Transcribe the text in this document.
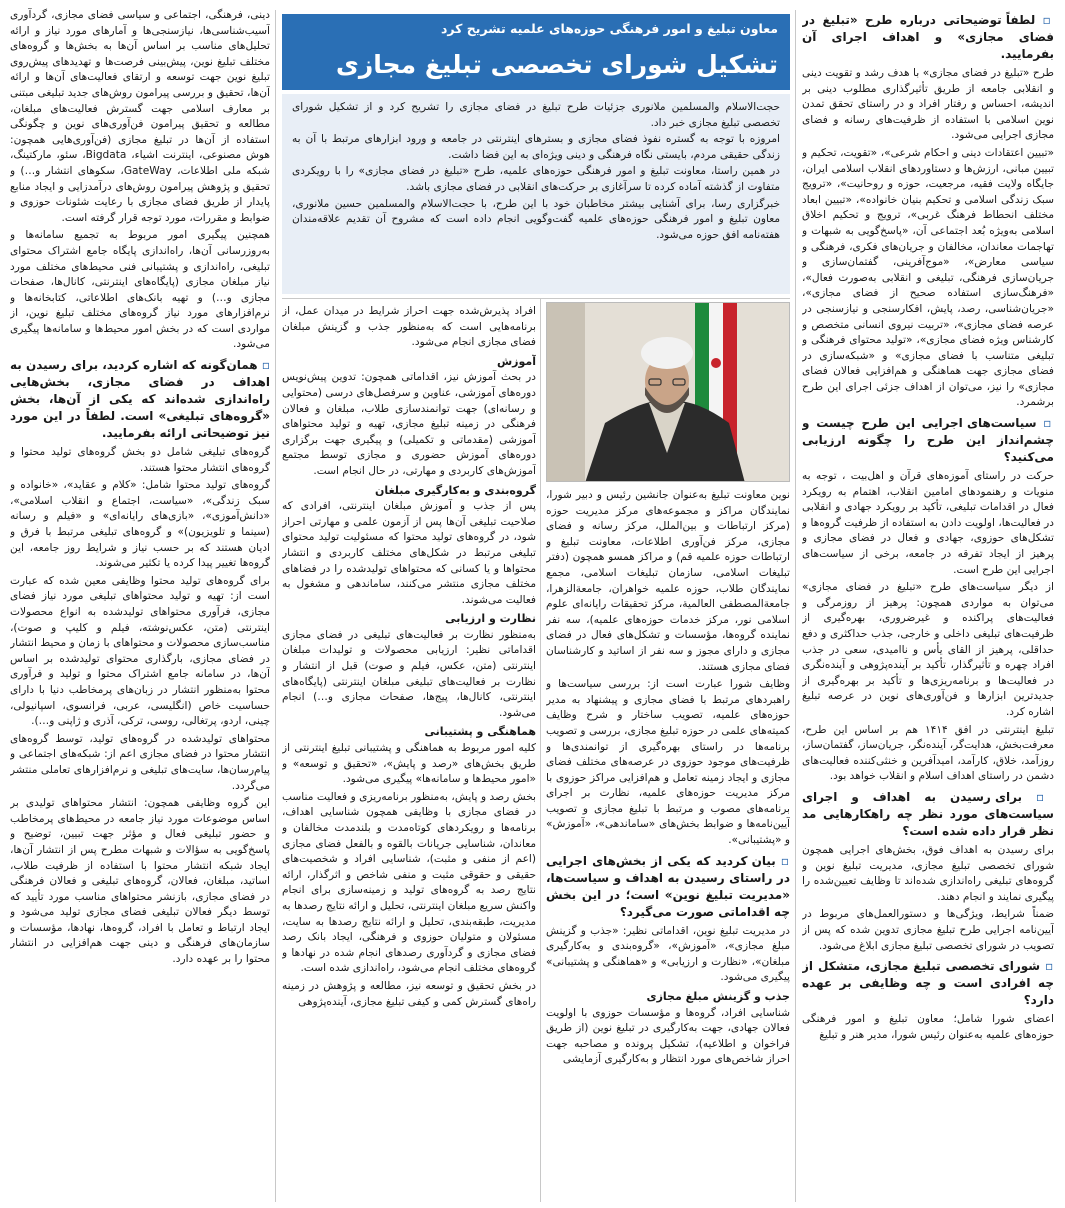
معاون تبلیغ و امور فرهنگی حوزه‌های علمیه تشریح کرد
تشکیل شورای تخصصی تبلیغ مجازی

حجت‌الاسلام والمسلمین ملانوری جزئیات طرح تبلیغ در فضای مجازی را تشریح کرد و از تشکیل شورای تخصصی تبلیغ مجازی خبر داد.

امروزه با توجه به گستره نفوذ فضای مجازی و بسترهای اینترنتی در جامعه و ورود ابزارهای مرتبط با آن به زندگی حقیقی مردم، بایستی نگاه فرهنگی و دینی ویژه‌ای به این فضا داشت.

در همین راستا، معاونت تبلیغ و امور فرهنگی حوزه‌های علمیه، طرح «تبلیغ در فضای مجازی» را با رویکردی متفاوت از گذشته آماده کرده تا سرآغازی بر حرکت‌های انقلابی در فضای مجازی باشد.

خبرگزاری رسا، برای آشنایی بیشتر مخاطبان خود با این طرح، با حجت‌الاسلام والمسلمین حسین ملانوری، معاون تبلیغ و امور فرهنگی حوزه‌های علمیه گفت‌وگویی انجام داده است که مشروح آن تقدیم علاقه‌مندان هفته‌نامه افق حوزه می‌شود.

▫ لطفاً توضیحاتی درباره طرح «تبلیغ در فضای مجازی» و اهداف اجرای آن بفرمایید.

طرح «تبلیغ در فضای مجازی» با هدف رشد و تقویت دینی و انقلابی جامعه از طریق تأثیرگذاری مطلوب دینی بر اندیشه، احساس و رفتار افراد و در راستای تحقق تمدن نوین اسلامی با استفاده از ظرفیت‌های رسانه و فضای مجازی اجرایی می‌شود.

«تبیین اعتقادات دینی و احکام شرعی»، «تقویت، تحکیم و تبیین مبانی، ارزش‌ها و دستاوردهای انقلاب اسلامی ایران، جایگاه ولایت فقیه، مرجعیت، حوزه و روحانیت»، «ترویج سبک زندگی اسلامی و تحکیم بنیان خانواده»، «تبیین ابعاد مختلف انحطاط فرهنگ غربی»، ترویج و تحکیم اخلاق اسلامی به‌ویژه بُعد اجتماعی آن، «پاسخ‌گویی به شبهات و تهاجمات معاندان، مخالفان و جریان‌های فکری، فرهنگی و سیاسی معارض»، «موج‌آفرینی، گفتمان‌سازی و جریان‌سازی فرهنگی، تبلیغی و انقلابی به‌صورت فعال»، «فرهنگ‌سازی استفاده صحیح از فضای مجازی»، «جریان‌شناسی، رصد، پایش، افکارسنجی و نیازسنجی در عرصه فضای مجازی»، «تربیت نیروی انسانی متخصص و کارشناس ویژه فضای مجازی»، «تولید محتوای فرهنگی و تبلیغی متناسب با فضای مجازی» و «شبکه‌سازی در فضای مجازی جهت هماهنگی و هم‌افزایی فعالان فضای مجازی» را نیز، می‌توان از اهداف جزئی اجرای این طرح برشمرد.

▫ سیاست‌های اجرایی این طرح چیست و چشم‌انداز این طرح را چگونه ارزیابی می‌کنید؟

حرکت در راستای آموزه‌های قرآن و اهل‌بیت ، توجه به منویات و رهنمودهای امامین انقلاب، اهتمام به رویکرد فعال در اقدامات تبلیغی، تأکید بر رویکرد جهادی و انقلابی در فعالیت‌ها، اولویت دادن به استفاده از ظرفیت گروه‌ها و تشکل‌های حوزوی، جهادی و فعال در فضای مجازی و پرهیز از ایجاد تفرقه در جامعه، برخی از سیاست‌های اجرایی این طرح است.

از دیگر سیاست‌های طرح «تبلیغ در فضای مجازی» می‌توان به مواردی همچون: پرهیز از روزمرگی و فعالیت‌های پراکنده و غیرضروری، بهره‌گیری از ظرفیت‌های تبلیغی داخلی و خارجی، جذب حداکثری و دفع حداقلی، پرهیز از القای یأس و ناامیدی، سعی در جذب افراد چهره و تأثیرگذار، تأکید بر آینده‌پژوهی و آینده‌نگری در فعالیت‌ها و برنامه‌ریزی‌ها و تأکید بر بهره‌گیری از جدیدترین ابزارها و فن‌آوری‌های نوین در عرصه تبلیغ اشاره کرد.

تبلیغ اینترنتی در افق ۱۴۱۴ هم بر اساس این طرح، معرفت‌بخش، هدایت‌گر، آینده‌نگر، جریان‌ساز، گفتمان‌ساز، روزآمد، خلاق، کارآمد، امیدآفرین و خنثی‌کننده فعالیت‌های دشمن در راستای اهداف اسلام و انقلاب خواهد بود.

▫ برای رسیدن به اهداف و اجرای سیاست‌های مورد نظر چه راهکارهایی مد نظر قرار داده شده است؟

برای رسیدن به اهداف فوق، بخش‌های اجرایی همچون شورای تخصصی تبلیغ مجازی، مدیریت تبلیغ نوین و گروه‌های تبلیغی راه‌اندازی شده‌اند تا وظایف تعیین‌شده را پیگیری نمایند و انجام دهند.

ضمناً شرایط، ویژگی‌ها و دستورالعمل‌های مربوط در آیین‌نامه اجرایی طرح تبلیغ مجازی تدوین شده که پس از تصویب در شورای تخصصی تبلیغ مجازی ابلاغ می‌شود.

▫ شورای تخصصی تبلیغ مجازی، متشکل از چه افرادی است و چه وظایفی بر عهده دارد؟

اعضای شورا شامل؛ معاون تبلیغ و امور فرهنگی حوزه‌های علمیه به‌عنوان رئیس شورا، مدیر هنر و تبلیغ

نوین معاونت تبلیغ به‌عنوان جانشین رئیس و دبیر شورا، نمایندگان مراکز و مجموعه‌های مرکز مدیریت حوزه (مرکز ارتباطات و بین‌الملل، مرکز رسانه و فضای مجازی، مرکز فن‌آوری اطلاعات، معاونت تبلیغ و ارتباطات حوزه علمیه قم) و مراکز همسو همچون (دفتر تبلیغات اسلامی، سازمان تبلیغات اسلامی، مجمع نمایندگان طلاب، حوزه علمیه خواهران، جامعةالزهرا، جامعةالمصطفی العالمیة، مرکز تحقیقات رایانه‌ای علوم اسلامی نور، مرکز خدمات حوزه‌های علمیه)، سه نفر نماینده گروه‌ها، مؤسسات و تشکل‌های فعال در فضای مجازی و دارای مجوز و سه نفر از اساتید و کارشناسان فضای مجازی هستند.

وظایف شورا عبارت است از: بررسی سیاست‌ها و راهبردهای مرتبط با فضای مجازی و پیشنهاد به مدیر حوزه‌های علمیه، تصویب ساختار و شرح وظایف کمیته‌های علمی در حوزه تبلیغ مجازی، بررسی و تصویب برنامه‌ها در راستای بهره‌گیری از توانمندی‌ها و ظرفیت‌های موجود حوزوی در عرصه‌های مختلف فضای مجازی و ایجاد زمینه تعامل و هم‌افزایی مراکز حوزوی با مرکز مدیریت حوزه‌های علمیه، نظارت بر اجرای برنامه‌های مصوب و مرتبط با تبلیغ مجازی و تصویب آیین‌نامه‌ها و ضوابط بخش‌های «ساماندهی»، «آموزش» و «پشتیبانی».

▫ بیان کردید که یکی از بخش‌های اجرایی در راستای رسیدن به اهداف و سیاست‌ها، «مدیریت تبلیغ نوین» است؛ در این بخش چه اقداماتی صورت می‌گیرد؟

در مدیریت تبلیغ نوین، اقداماتی نظیر: «جذب و گزینش مبلغ مجازی»، «آموزش»، «گروه‌بندی و به‌کارگیری مبلغان»، «نظارت و ارزیابی» و «هماهنگی و پشتیبانی» پیگیری می‌شود.

جذب و گزینش مبلغ مجازی

شناسایی افراد، گروه‌ها و مؤسسات حوزوی با اولویت فعالان جهادی، جهت به‌کارگیری در تبلیغ نوین (از طریق فراخوان و اطلاعیه)، تشکیل پرونده و مصاحبه جهت احراز شاخص‌های مورد انتظار و به‌کارگیری آزمایشی

افراد پذیرش‌شده جهت احراز شرایط در میدان عمل، از برنامه‌هایی است که به‌منظور جذب و گزینش مبلغان فضای مجازی انجام می‌شود.

آموزش

در بحث آموزش نیز، اقداماتی همچون: تدوین پیش‌نویس دوره‌های آموزشی، عناوین و سرفصل‌های درسی (محتوایی و رسانه‌ای) جهت توانمندسازی طلاب، مبلغان و فعالان فرهنگی در زمینه تبلیغ مجازی، تهیه و تولید محتواهای آموزشی (مقدماتی و تکمیلی) و پیگیری جهت برگزاری دوره‌های آموزش حضوری و مجازی توسط مجتمع آموزش‌های کاربردی و مهارتی، در حال انجام است.

گروه‌بندی و به‌کارگیری مبلغان

پس از جذب و آموزش مبلغان اینترنتی، افرادی که صلاحیت تبلیغی آن‌ها پس از آزمون علمی و مهارتی احراز شود، در گروه‌های تولید محتوا که مسئولیت تولید محتوای تبلیغی مرتبط در شکل‌های مختلف کاربردی و انتشار محتواها و یا کسانی که محتواهای تولیدشده را در فضاهای مختلف مجازی منتشر می‌کنند، ساماندهی و مشغول به فعالیت می‌شوند.

نظارت و ارزیابی

به‌منظور نظارت بر فعالیت‌های تبلیغی در فضای مجازی اقداماتی نظیر: ارزیابی محصولات و تولیدات مبلغان اینترنتی (متن، عکس، فیلم و صوت) قبل از انتشار و نظارت بر فعالیت‌های تبلیغی مبلغان اینترنتی (پایگاه‌های اینترنتی، کانال‌ها، پیج‌ها، صفحات مجازی و…) انجام می‌شود.

هماهنگی و پشتیبانی

کلیه امور مربوط به هماهنگی و پشتیبانی تبلیغ اینترنتی از طریق بخش‌های «رصد و پایش»، «تحقیق و توسعه» و «امور محیط‌ها و سامانه‌ها» پیگیری می‌شود.

بخش رصد و پایش، به‌منظور برنامه‌ریزی و فعالیت مناسب در فضای مجازی با وظایفی همچون شناسایی اهداف، برنامه‌ها و رویکردهای کوتاه‌مدت و بلندمدت مخالفان و معاندان، شناسایی جریانات بالقوه و بالفعل فضای مجازی (اعم از منفی و مثبت)، شناسایی افراد و شخصیت‌های حقیقی و حقوقی مثبت و منفی شاخص و اثرگذار، ارائه نتایج رصد به گروه‌های تولید و زمینه‌سازی برای انجام واکنش سریع مبلغان اینترنتی، تحلیل و ارائه نتایج رصدها به مدیریت، طبقه‌بندی، تحلیل و ارائه نتایج رصدها به سایت، مسئولان و متولیان حوزوی و فرهنگی، ایجاد بانک رصد فضای مجازی و گردآوری رصدهای انجام شده در نهادها و گروه‌های مختلف انجام می‌شود، راه‌اندازی شده است.

در بخش تحقیق و توسعه نیز، مطالعه و پژوهش در زمینه راه‌های گسترش کمی و کیفی تبلیغ مجازی، آینده‌پژوهی

دینی، فرهنگی، اجتماعی و سیاسی فضای مجازی، گردآوری آسیب‌شناسی‌ها، نیازسنجی‌ها و آمارهای مورد نیاز و ارائه تحلیل‌های مناسب بر اساس آن‌ها به بخش‌ها و گروه‌های مختلف تبلیغ نوین، پیش‌بینی فرصت‌ها و تهدیدهای پیش‌روی تبلیغ نوین جهت توسعه و ارتقای فعالیت‌های آن‌ها و ارائه آن‌ها، تحقیق و بررسی پیرامون روش‌های جدید تبلیغی مبتنی بر معارف اسلامی جهت گسترش فعالیت‌های مبلغان، مطالعه و تحقیق پیرامون فن‌آوری‌های نوین و چگونگی استفاده از آن‌ها در تبلیغ مجازی (فن‌آوری‌هایی همچون: هوش مصنوعی، اینترنت اشیاء، Bigdata، سئو، مارکتینگ، شبکه ملی اطلاعات، GateWay، سکوهای انتشار و…) و تحقیق و پژوهش پیرامون روش‌های درآمدزایی و ایجاد منابع پایدار از طریق فضای مجازی با رعایت شئونات حوزوی و ضوابط و مقررات، مورد توجه قرار گرفته است.

همچنین پیگیری امور مربوط به تجمیع سامانه‌ها و به‌روزرسانی آن‌ها، راه‌اندازی پایگاه جامع اشتراک محتوای تبلیغی، راه‌اندازی و پشتیبانی فنی محیط‌های مختلف مورد نیاز مبلغان مجازی (پایگاه‌های اینترنتی، کانال‌ها، صفحات مجازی و…) و تهیه بانک‌های اطلاعاتی، کتابخانه‌ها و نرم‌افزارهای مورد نیاز گروه‌های مختلف تبلیغ نوین، از مواردی است که در بخش امور محیط‌ها و سامانه‌ها پیگیری می‌شود.

▫ همان‌گونه که اشاره کردید، برای رسیدن به اهداف در فضای مجازی، بخش‌هایی راه‌اندازی شده‌اند که یکی از آن‌ها، بخش «گروه‌های تبلیغی» است. لطفاً در این مورد نیز توضیحاتی ارائه بفرمایید.

گروه‌های تبلیغی شامل دو بخش گروه‌های تولید محتوا و گروه‌های انتشار محتوا هستند.

گروه‌های تولید محتوا شامل: «کلام و عقاید»، «خانواده و سبک زندگی»، «سیاست، اجتماع و انقلاب اسلامی»، «دانش‌آموزی»، «بازی‌های رایانه‌ای» و «فیلم و رسانه (سینما و تلویزیون)» و گروه‌های تبلیغی مرتبط با فرق و ادیان هستند که بر حسب نیاز و شرایط روز جامعه، این گروه‌ها تغییر پیدا کرده یا تکثیر می‌شوند.

برای گروه‌های تولید محتوا وظایفی معین شده که عبارت است از: تهیه و تولید محتواهای تبلیغی مورد نیاز فضای مجازی، فرآوری محتواهای تولیدشده به انواع محصولات اینترنتی (متن، عکس‌نوشته، فیلم و کلیپ و صوت)، مناسب‌سازی محصولات و محتواهای با زمان و محیط انتشار در فضای مجازی، بارگذاری محتوای تولیدشده بر اساس آن‌ها، در سامانه جامع اشتراک محتوا و تولید و فرآوری محتوا به‌منظور انتشار در زبان‌های پرمخاطب دنیا با دارای حساسیت خاص (انگلیسی، عربی، فرانسوی، اسپانیولی، چینی، اردو، پرتغالی، روسی، ترکی، آذری و ژاپنی و…).

محتواهای تولیدشده در گروه‌های تولید، توسط گروه‌های انتشار محتوا در فضای مجازی اعم از: شبکه‌های اجتماعی و پیام‌رسان‌ها، سایت‌های تبلیغی و نرم‌افزارهای تعاملی منتشر می‌گردد.

این گروه وظایفی همچون: انتشار محتواهای تولیدی بر اساس موضوعات مورد نیاز جامعه در محیط‌های پرمخاطب و حضور تبلیغی فعال و مؤثر جهت تبیین، توضیح و پاسخ‌گویی به سؤالات و شبهات مطرح پس از انتشار آن‌ها، ایجاد شبکه انتشار محتوا با استفاده از ظرفیت طلاب، اساتید، مبلغان، فعالان، گروه‌های تبلیغی و فعالان فرهنگی در فضای مجازی، بازنشر محتواهای مناسب مورد تأیید که توسط دیگر فعالان تبلیغی فضای مجازی تولید می‌شود و ایجاد ارتباط و تعامل با افراد، گروه‌ها، نهادها، مؤسسات و سازمان‌های فرهنگی و دینی جهت هم‌افزایی در انتشار محتوا را بر عهده دارد.
